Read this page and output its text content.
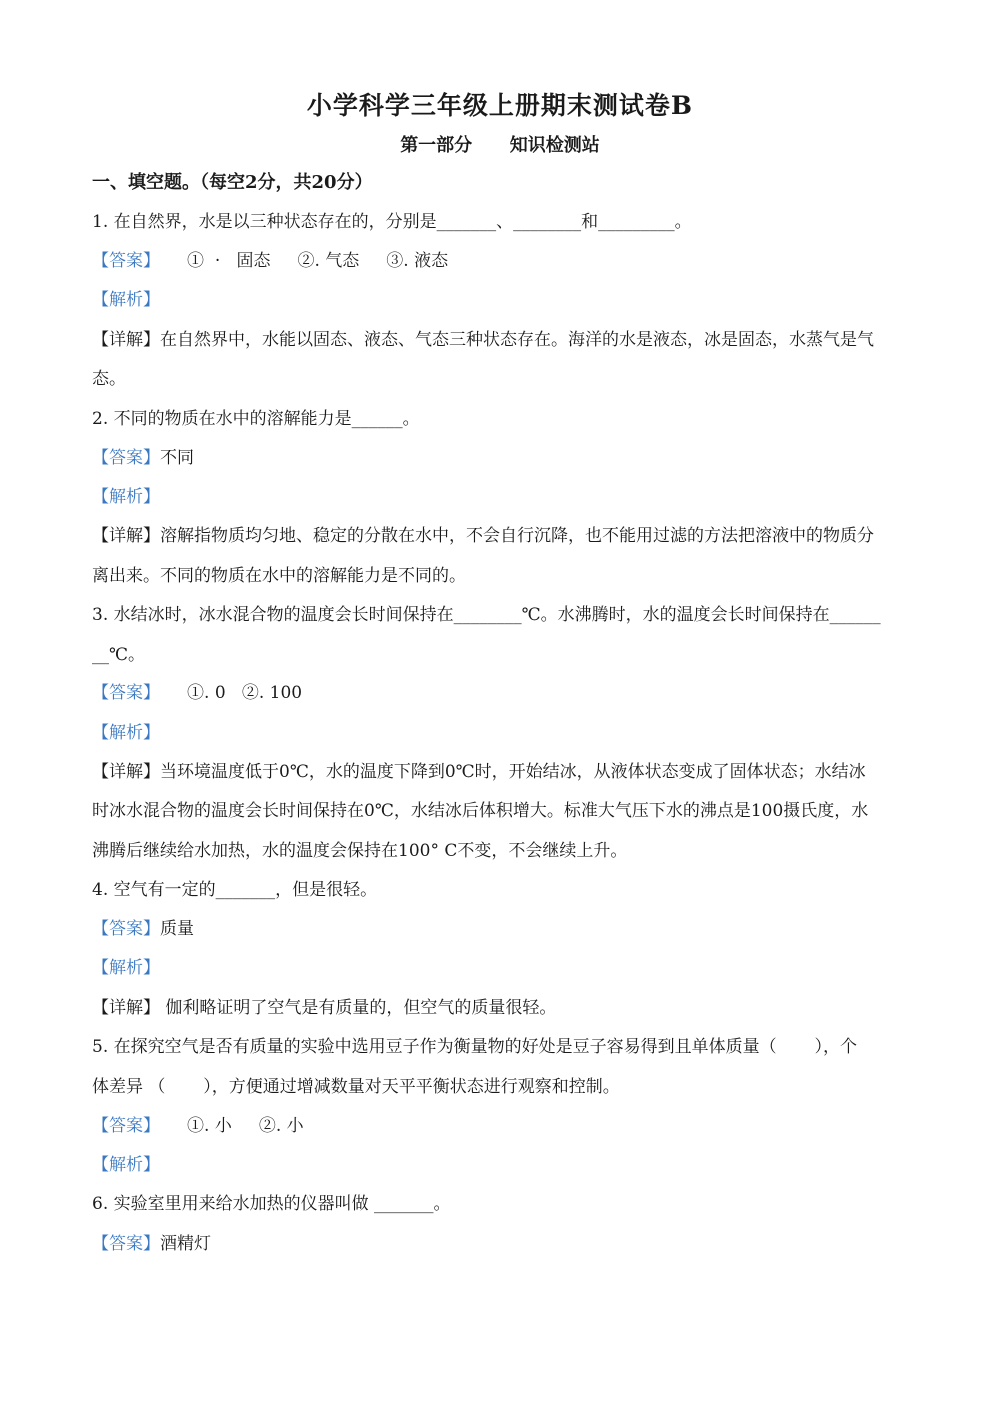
小学科学三年级上册期末测试卷B
第一部分      知识检测站
一、填空题。（每空2分，共20分）
1. 在自然界，水是以三种状态存在的，分别是_______、________和_________。
【答案】     ①  ·   固态     ②. 气态     ③. 液态
【解析】
【详解】在自然界中，水能以固态、液态、气态三种状态存在。海洋的水是液态，冰是固态，水蒸气是气
态。
2. 不同的物质在水中的溶解能力是______。
【答案】不同
【解析】
【详解】溶解指物质均匀地、稳定的分散在水中，不会自行沉降，也不能用过滤的方法把溶液中的物质分
离出来。不同的物质在水中的溶解能力是不同的。
3. 水结冰时，冰水混合物的温度会长时间保持在________℃。水沸腾时，水的温度会长时间保持在______
__℃。
【答案】     ①. 0   ②. 100
【解析】
【详解】当环境温度低于0℃，水的温度下降到0℃时，开始结冰，从液体状态变成了固体状态；水结冰
时冰水混合物的温度会长时间保持在0℃，水结冰后体积增大。标准大气压下水的沸点是100摄氏度，水
沸腾后继续给水加热，水的温度会保持在100° C不变，不会继续上升。
4. 空气有一定的_______，但是很轻。
【答案】质量
【解析】
【详解】 伽利略证明了空气是有质量的，但空气的质量很轻。
5. 在探究空气是否有质量的实验中选用豆子作为衡量物的好处是豆子容易得到且单体质量（       ），个
体差异 （       ），方便通过增减数量对天平平衡状态进行观察和控制。
【答案】     ①. 小     ②. 小
【解析】
6. 实验室里用来给水加热的仪器叫做 _______。
【答案】酒精灯
